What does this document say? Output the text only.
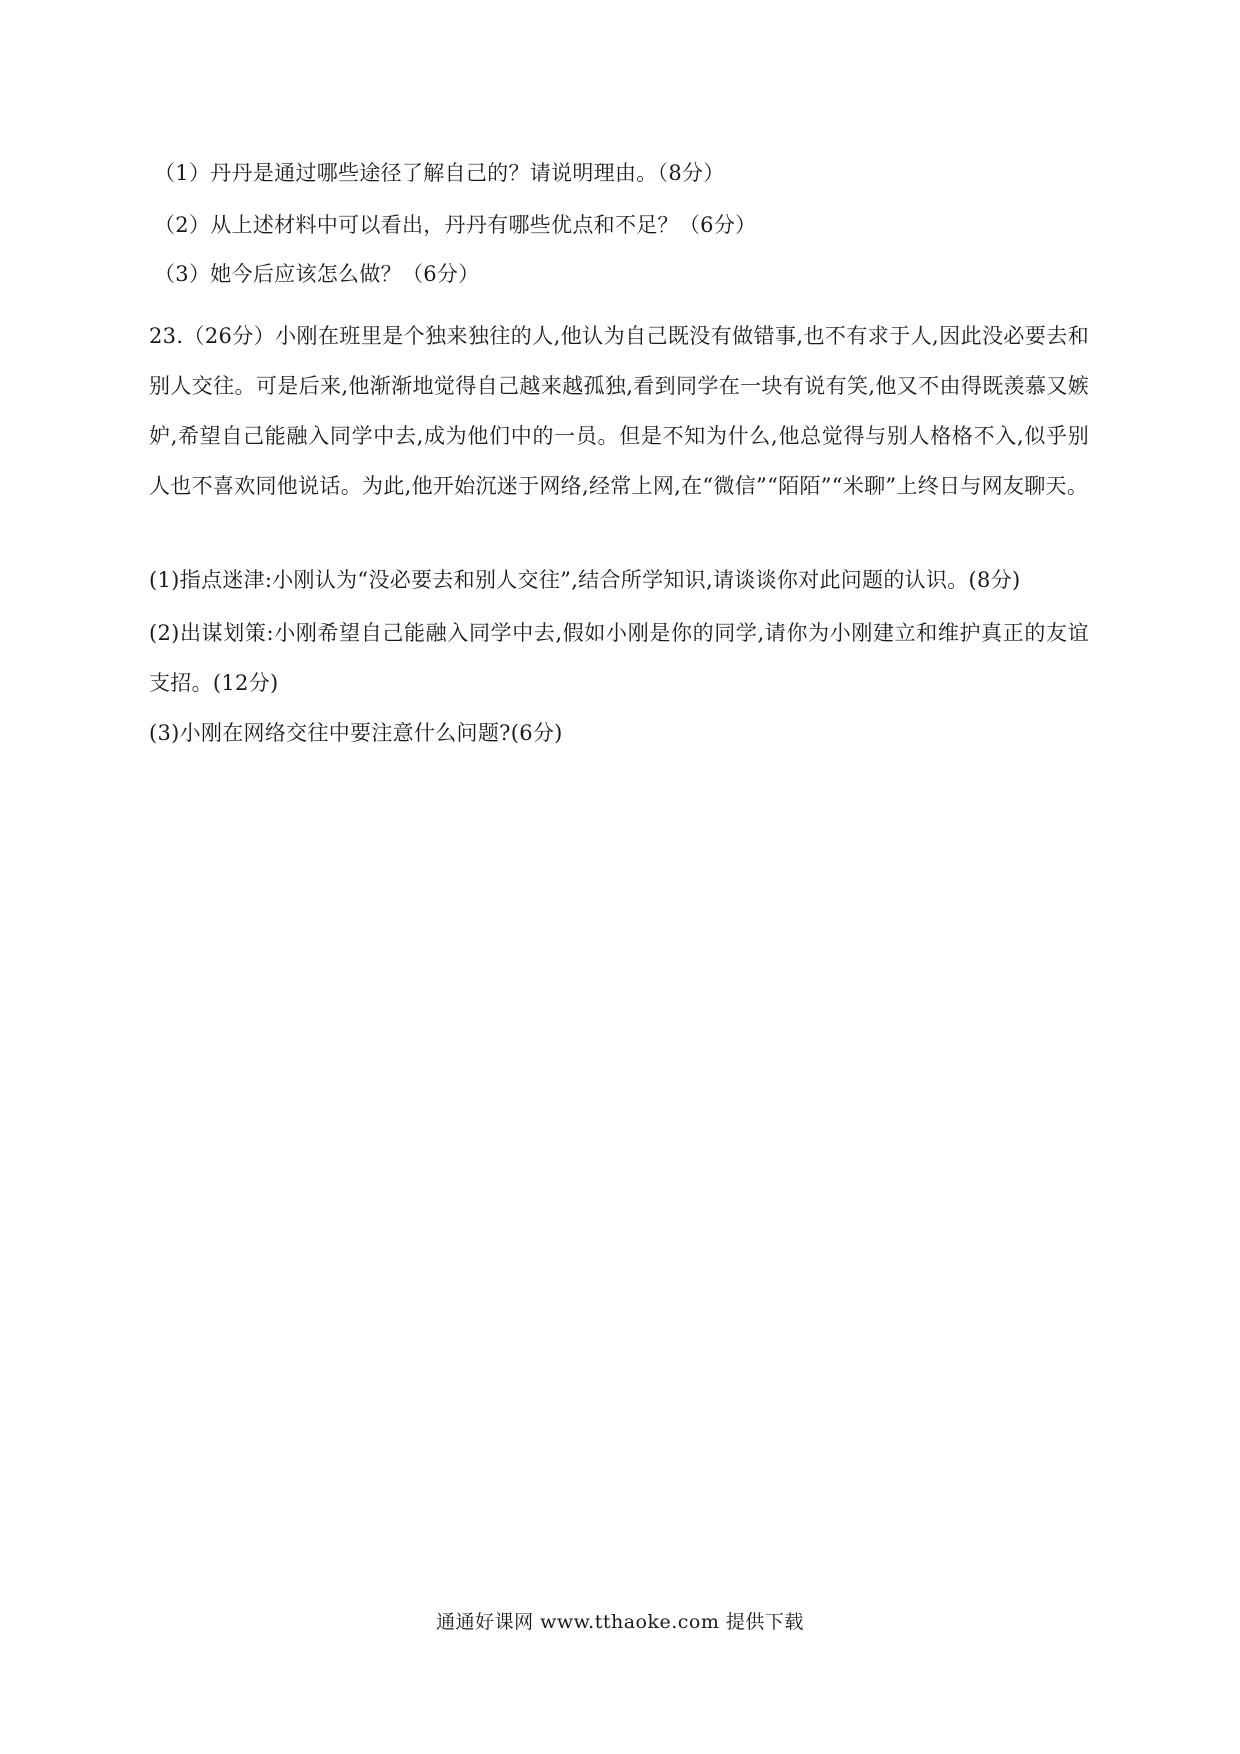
（1）丹丹是通过哪些途径了解自己的？请说明理由。（8分）
（2）从上述材料中可以看出，丹丹有哪些优点和不足？（6分）
（3）她今后应该怎么做？（6分）
23.（26分）小刚在班里是个独来独往的人,他认为自己既没有做错事,也不有求于人,因此没必要去和别人交往。可是后来,他渐渐地觉得自己越来越孤独,看到同学在一块有说有笑,他又不由得既羡慕又嫉妒,希望自己能融入同学中去,成为他们中的一员。但是不知为什么,他总觉得与别人格格不入,似乎别人也不喜欢同他说话。为此,他开始沉迷于网络,经常上网,在“微信”“陌陌”“米聊”上终日与网友聊天。
(1)指点迷津:小刚认为“没必要去和别人交往”,结合所学知识,请谈谈你对此问题的认识。(8分)
(2)出谋划策:小刚希望自己能融入同学中去,假如小刚是你的同学,请你为小刚建立和维护真正的友谊支招。(12分)
(3)小刚在网络交往中要注意什么问题?(6分)
通通好课网 www.tthaoke.com 提供下载
